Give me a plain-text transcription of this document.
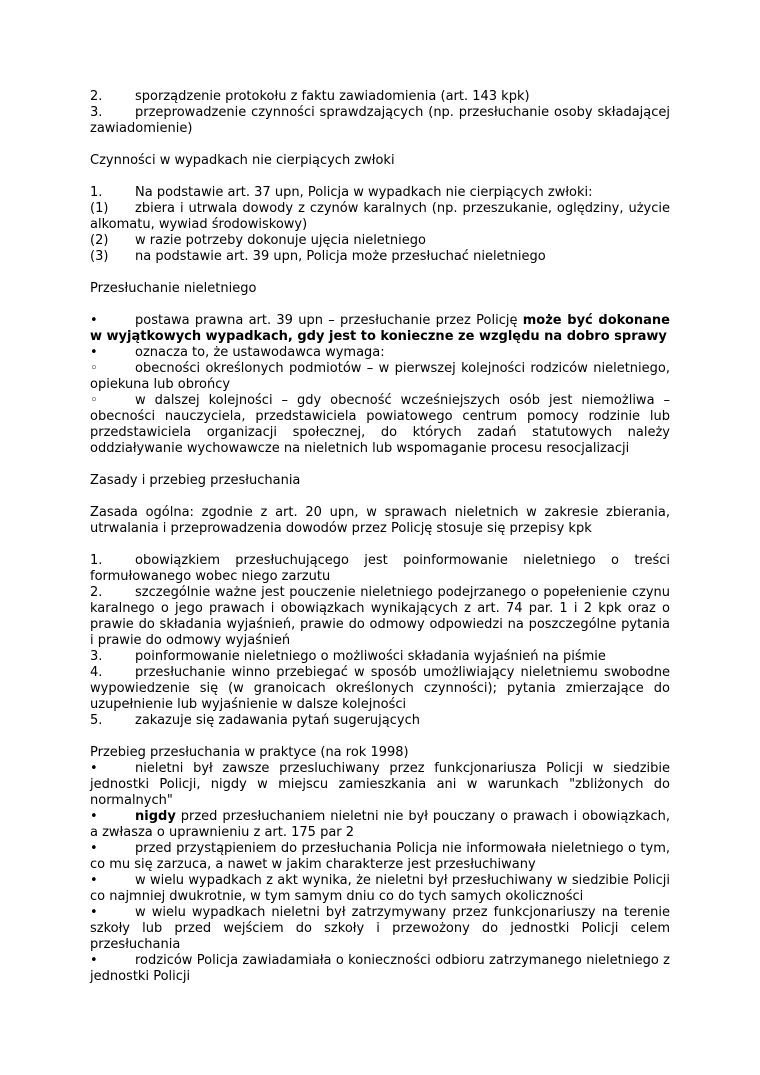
2.	sporządzenie protokołu z faktu zawiadomienia (art. 143 kpk)

3.	przeprowadzenie czynności sprawdzających (np. przesłuchanie osoby składającej zawiadomienie)

Czynności w wypadkach nie cierpiących zwłoki

1.	Na podstawie art. 37 upn, Policja w wypadkach nie cierpiących zwłoki:

(1) zbiera i utrwala dowody z czynów karalnych (np. przeszukanie, oględziny, użycie alkomatu, wywiad środowiskowy)

(2) w razie potrzeby dokonuje ujęcia nieletniego

(3) na podstawie art. 39 upn, Policja może przesłuchać nieletniego

Przesłuchanie nieletniego

•	postawa prawna art. 39 upn – przesłuchanie przez Policję może być dokonane w wyjątkowych wypadkach, gdy jest to konieczne ze względu na dobro sprawy

•	oznacza to, że ustawodawca wymaga:

◦	obecności określonych podmiotów – w pierwszej kolejności rodziców nieletniego, opiekuna lub obrońcy

◦	w dalszej kolejności – gdy obecność wcześniejszych osób jest niemożliwa – obecności nauczyciela, przedstawiciela powiatowego centrum pomocy rodzinie lub przedstawiciela organizacji społecznej, do których zadań statutowych należy oddziaływanie wychowawcze na nieletnich lub wspomaganie procesu resocjalizacji

Zasady i przebieg przesłuchania

Zasada ogólna: zgodnie z art. 20 upn, w sprawach nieletnich w zakresie zbierania, utrwalania i przeprowadzenia dowodów przez Policję stosuje się przepisy kpk

1.	obowiązkiem przesłuchującego jest poinformowanie nieletniego o treści formułowanego wobec niego zarzutu

2.	szczególnie ważne jest pouczenie nieletniego podejrzanego o popełenienie czynu karalnego o jego prawach i obowiązkach wynikających z art. 74 par. 1 i 2 kpk oraz o prawie do składania wyjaśnień, prawie do odmowy odpowiedzi na poszczególne pytania i prawie do odmowy wyjaśnień

3.	poinformowanie nieletniego o możliwości składania wyjaśnień na piśmie

4.	przesłuchanie winno przebiegać w sposób umożliwiający nieletniemu swobodne wypowiedzenie się (w granoicach określonych czynności); pytania zmierzające do uzupełnienie lub wyjaśnienie w dalsze kolejności

5.	zakazuje się zadawania pytań sugerujących

Przebieg przesłuchania w praktyce (na rok 1998)

•	nieletni był zawsze przesluchiwany przez funkcjonariusza Policji w siedzibie jednostki Policji, nigdy w miejscu zamieszkania ani w warunkach "zbliżonych do normalnych"

•	nigdy przed przesłuchaniem nieletni nie był pouczany o prawach i obowiązkach, a zwłasza o uprawnieniu z art. 175 par 2

•	przed przystąpieniem do przesłuchania Policja nie informowała nieletniego o tym, co mu się zarzuca, a nawet w jakim charakterze jest przesłuchiwany

•	w wielu wypadkach z akt wynika, że nieletni był przesłuchiwany w siedzibie Policji co najmniej dwukrotnie, w tym samym dniu co do tych samych okoliczności

•	w wielu wypadkach nieletni był zatrzymywany przez funkcjonariuszy na terenie szkoły lub przed wejściem do szkoły i przewożony do jednostki Policji celem przesłuchania

•	rodziców Policja zawiadamiała o konieczności odbioru zatrzymanego nieletniego z jednostki Policji
